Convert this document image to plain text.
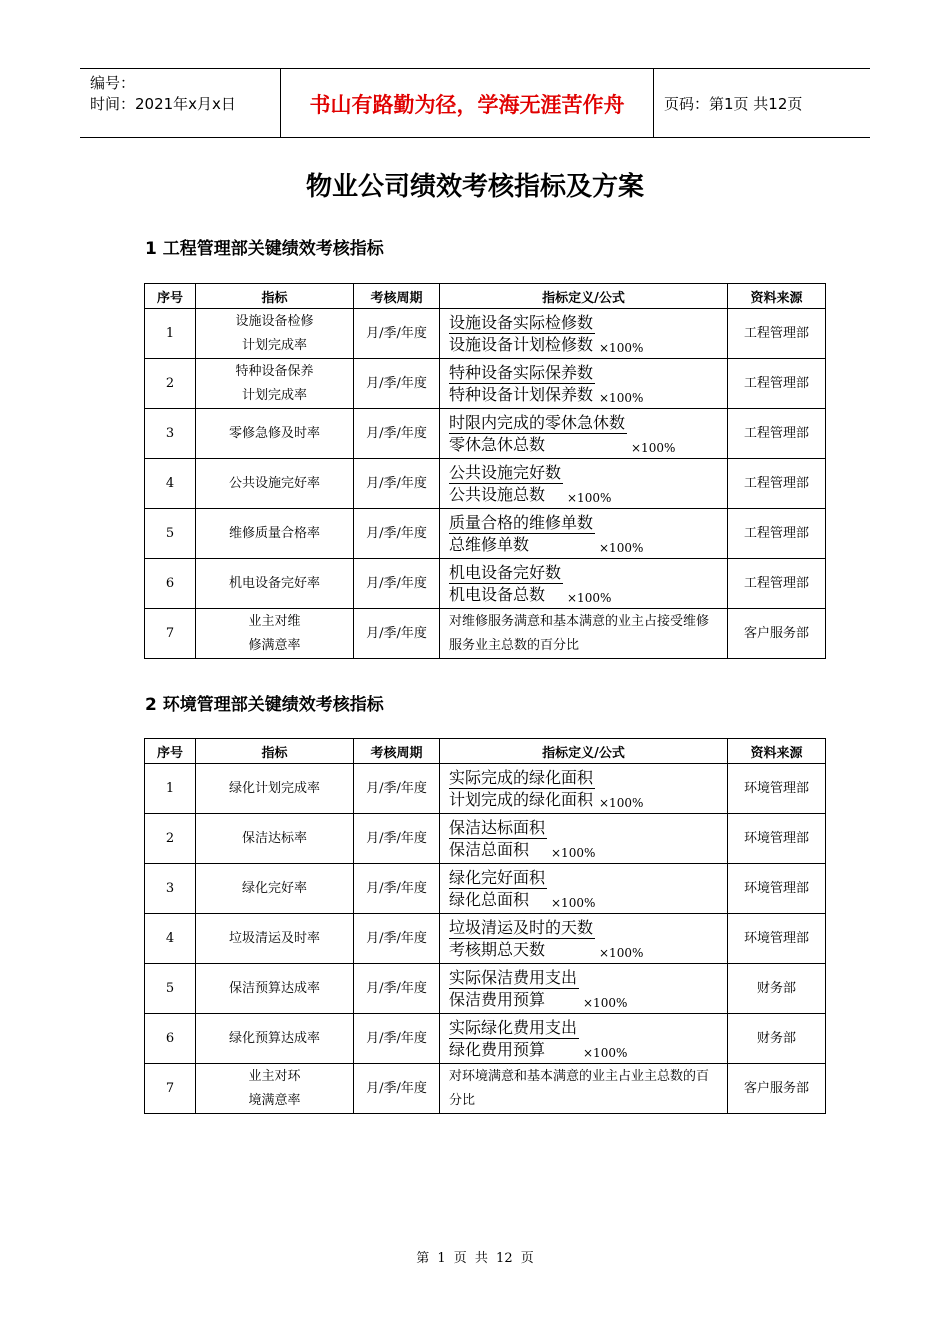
编号：
时间：2021年x月x日	书山有路勤为径，学海无涯苦作舟	页码：第1页 共12页
物业公司绩效考核指标及方案
1 工程管理部关键绩效考核指标
序号	指标	考核周期	指标定义/公式	资料来源
1	设施设备检修
计划完成率	月/季/年度	$\frac{\text{设施设备实际检修数}}{\text{设施设备计划检修数}} \times 100\%$	工程管理部
2	特种设备保养
计划完成率	月/季/年度	$\frac{\text{特种设备实际保养数}}{\text{特种设备计划保养数}} \times 100\%$	工程管理部
3	零修急修及时率	月/季/年度	$\frac{\text{时限内完成的零休急休数}}{\text{零休急休总数}} \times 100\%$	工程管理部
4	公共设施完好率	月/季/年度	$\frac{\text{公共设施完好数}}{\text{公共设施总数}} \times 100\%$	工程管理部
5	维修质量合格率	月/季/年度	$\frac{\text{质量合格的维修单数}}{\text{总维修单数}} \times 100\%$	工程管理部
6	机电设备完好率	月/季/年度	$\frac{\text{机电设备完好数}}{\text{机电设备总数}} \times 100\%$	工程管理部
7	业主对维
修满意率	月/季/年度	对维修服务满意和基本满意的业主占接受维修服务业主总数的百分比	客户服务部
2 环境管理部关键绩效考核指标
序号	指标	考核周期	指标定义/公式	资料来源
1	绿化计划完成率	月/季/年度	$\frac{\text{实际完成的绿化面积}}{\text{计划完成的绿化面积}} \times 100\%$	环境管理部
2	保洁达标率	月/季/年度	$\frac{\text{保洁达标面积}}{\text{保洁总面积}} \times 100\%$	环境管理部
3	绿化完好率	月/季/年度	$\frac{\text{绿化完好面积}}{\text{绿化总面积}} \times 100\%$	环境管理部
4	垃圾清运及时率	月/季/年度	$\frac{\text{垃圾清运及时的天数}}{\text{考核期总天数}} \times 100\%$	环境管理部
5	保洁预算达成率	月/季/年度	$\frac{\text{实际保洁费用支出}}{\text{保洁费用预算}} \times 100\%$	财务部
6	绿化预算达成率	月/季/年度	$\frac{\text{实际绿化费用支出}}{\text{绿化费用预算}} \times 100\%$	财务部
7	业主对环
境满意率	月/季/年度	对环境满意和基本满意的业主占业主总数的百分比	客户服务部
第 1 页 共 12 页
